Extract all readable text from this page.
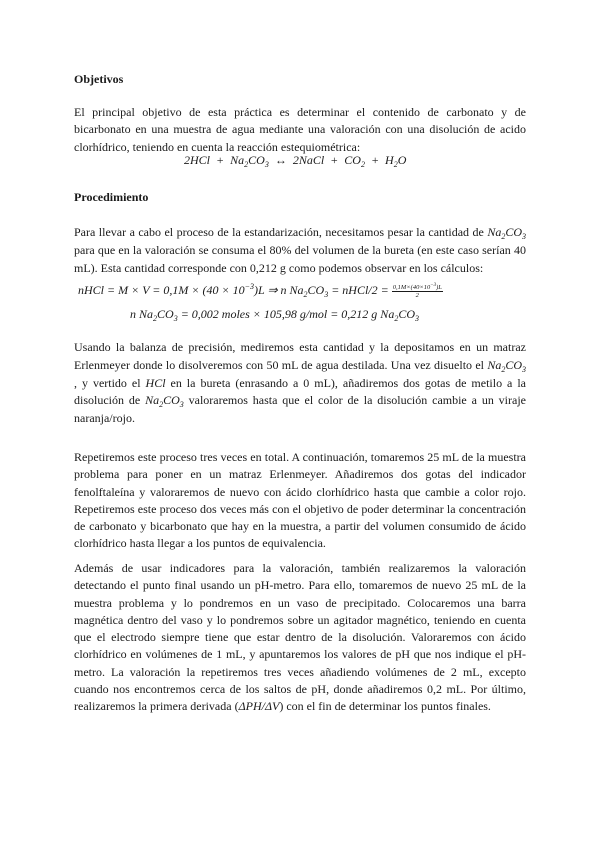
Objetivos
El principal objetivo de esta práctica es determinar el contenido de carbonato y de bicarbonato en una muestra de agua mediante una valoración con una disolución de acido clorhídrico, teniendo en cuenta la reacción estequiométrica:
$2HCl + Na_2CO_3$ ↔ 2NaCl + $CO_2 + H_2O$
Procedimiento
Para llevar a cabo el proceso de la estandarización, necesitamos pesar la cantidad de $Na_2CO_3$ para que en la valoración se consuma el 80% del volumen de la bureta (en este caso serían 40 mL). Esta cantidad corresponde con 0,212 g como podemos observar en los cálculos:
nHCl = $M \times V = 0,1M \times (40 \times 10^{-3})L$ ⇒ n $Na_2CO_3$ = nHCl/2 = $\frac{0,1M\times(40\times 10^{-3})L}{2}$
n $Na_2CO_3 = 0,002$ moles × 105,98 g/mol = 0,212 g $Na_2CO_3$
Usando la balanza de precisión, mediremos esta cantidad y la depositamos en un matraz Erlenmeyer donde lo disolveremos con 50 mL de agua destilada. Una vez disuelto el $Na_2CO_3$ , y vertido el HCl en la bureta (enrasando a 0 mL), añadiremos dos gotas de metilo a la disolución de $Na_2CO_3$ valoraremos hasta que el color de la disolución cambie a un viraje naranja/rojo.
Repetiremos este proceso tres veces en total. A continuación, tomaremos 25 mL de la muestra problema para poner en un matraz Erlenmeyer. Añadiremos dos gotas del indicador fenolftaleína y valoraremos de nuevo con ácido clorhídrico hasta que cambie a color rojo. Repetiremos este proceso dos veces más con el objetivo de poder determinar la concentración de carbonato y bicarbonato que hay en la muestra, a partir del volumen consumido de ácido clorhídrico hasta llegar a los puntos de equivalencia.
Además de usar indicadores para la valoración, también realizaremos la valoración detectando el punto final usando un pH-metro. Para ello, tomaremos de nuevo 25 mL de la muestra problema y lo pondremos en un vaso de precipitado. Colocaremos una barra magnética dentro del vaso y lo pondremos sobre un agitador magnético, teniendo en cuenta que el electrodo siempre tiene que estar dentro de la disolución. Valoraremos con ácido clorhídrico en volúmenes de 1 mL, y apuntaremos los valores de pH que nos indique el pH-metro. La valoración la repetiremos tres veces añadiendo volúmenes de 2 mL, excepto cuando nos encontremos cerca de los saltos de pH, donde añadiremos 0,2 mL. Por último, realizaremos la primera derivada (ΔPH/ΔV) con el fin de determinar los puntos finales.
